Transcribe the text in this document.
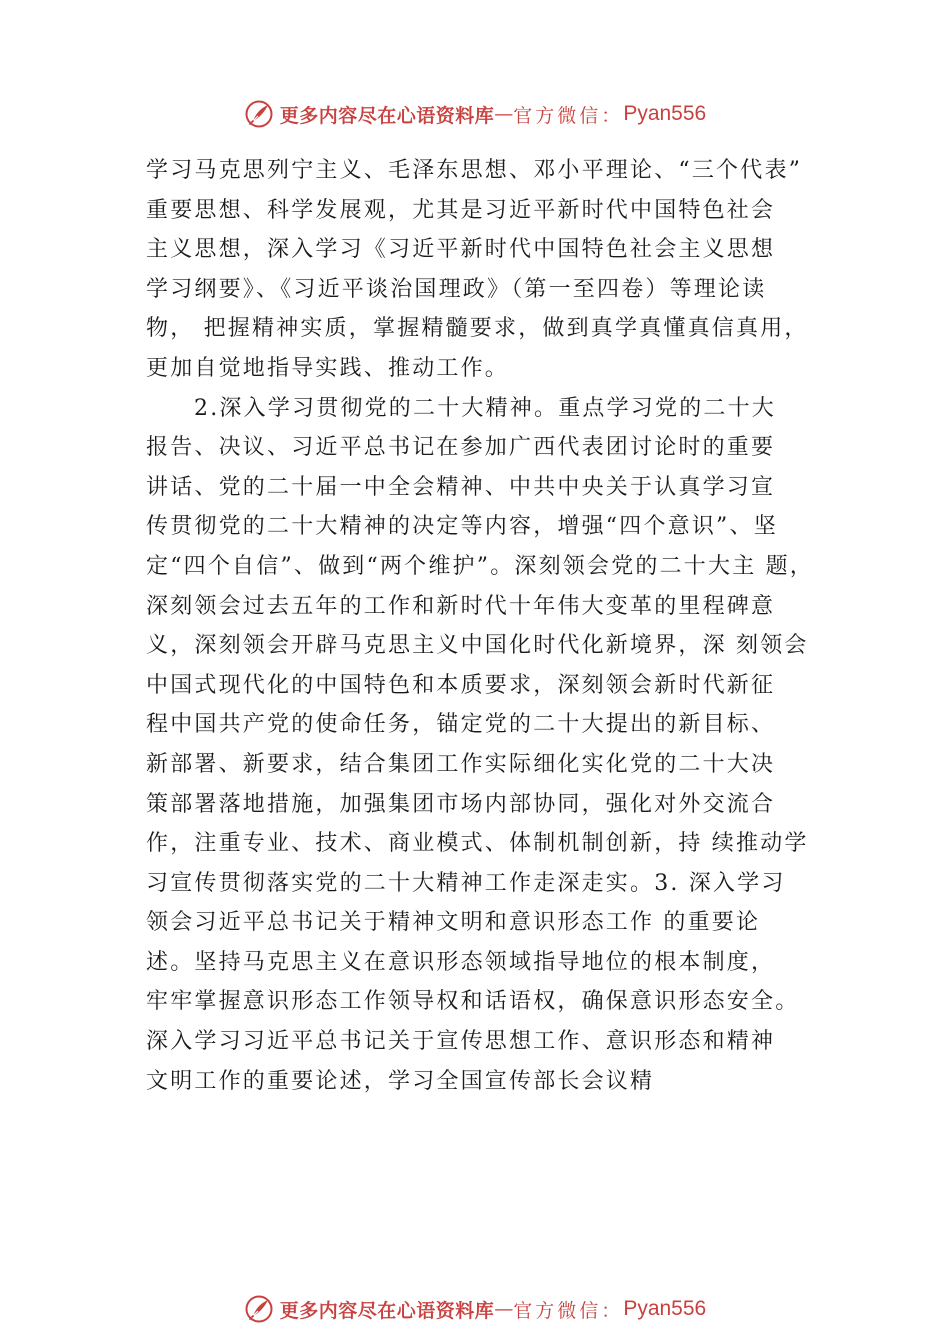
更多内容尽在心语资料库 — 官方微信： Pyan556
学习马克思列宁主义、毛泽东思想、邓小平理论、“三个代表”
重要思想、科学发展观，尤其是习近平新时代中国特色社会
主义思想，深入学习《习近平新时代中国特色社会主义思想
学习纲要》、《习近平谈治国理政》（第一至四卷）等理论读
物， 把握精神实质，掌握精髓要求，做到真学真懂真信真用，
更加自觉地指导实践、推动工作。
2.深入学习贯彻党的二十大精神。重点学习党的二十大
报告、决议、习近平总书记在参加广西代表团讨论时的重要
讲话、党的二十届一中全会精神、中共中央关于认真学习宣
传贯彻党的二十大精神的决定等内容，增强“四个意识”、坚
定“四个自信”、做到“两个维护”。深刻领会党的二十大主 题，
深刻领会过去五年的工作和新时代十年伟大变革的里程碑意
义，深刻领会开辟马克思主义中国化时代化新境界，深 刻领会
中国式现代化的中国特色和本质要求，深刻领会新时代新征
程中国共产党的使命任务，锚定党的二十大提出的新目标、
新部署、新要求，结合集团工作实际细化实化党的二十大决
策部署落地措施，加强集团市场内部协同，强化对外交流合
作，注重专业、技术、商业模式、体制机制创新，持 续推动学
习宣传贯彻落实党的二十大精神工作走深走实。3. 深入学习
领会习近平总书记关于精神文明和意识形态工作 的重要论
述。坚持马克思主义在意识形态领域指导地位的根本制度，
牢牢掌握意识形态工作领导权和话语权，确保意识形态安全。
深入学习习近平总书记关于宣传思想工作、意识形态和精神
文明工作的重要论述，学习全国宣传部长会议精
更多内容尽在心语资料库 — 官方微信： Pyan556
